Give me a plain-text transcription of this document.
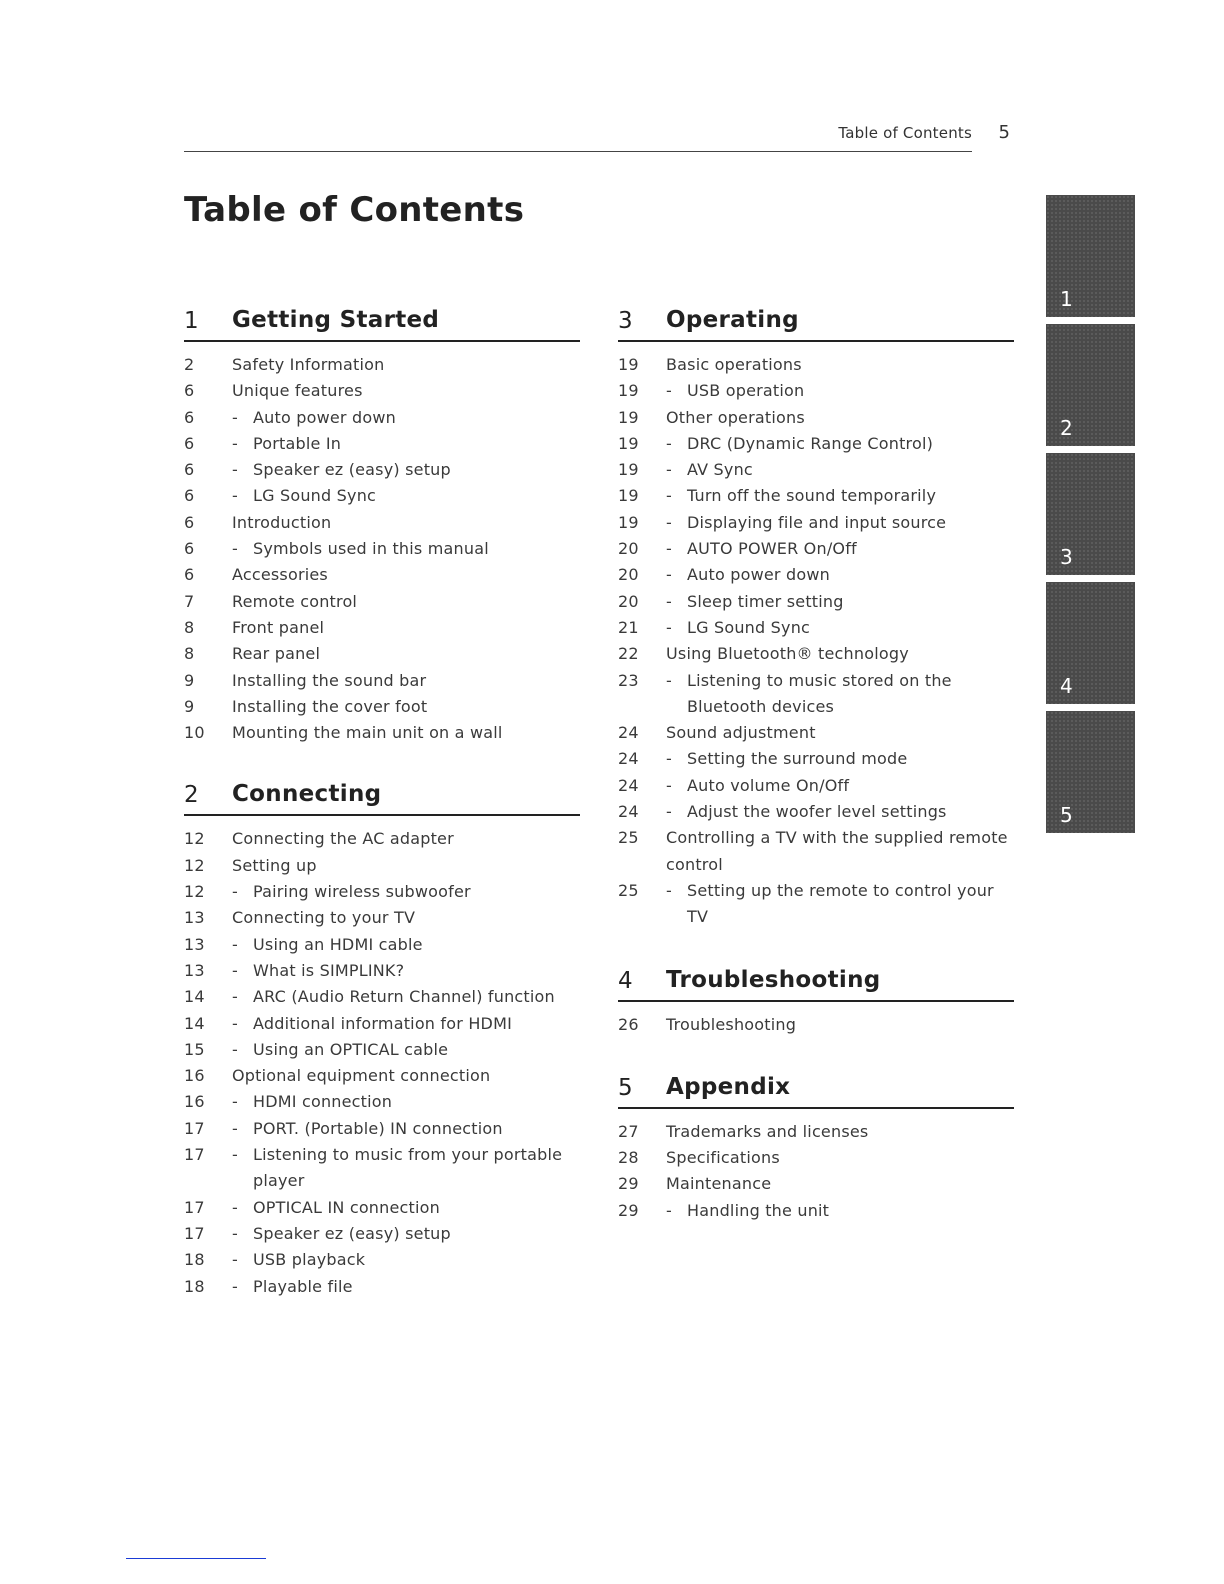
Table of Contents 5
Table of Contents
1 Getting Started
2	Safety Information
6	Unique features
6	- Auto power down
6	- Portable In
6	- Speaker ez (easy) setup
6	- LG Sound Sync
6	Introduction
6	- Symbols used in this manual
6	Accessories
7	Remote control
8	Front panel
8	Rear panel
9	Installing the sound bar
9	Installing the cover foot
10	Mounting the main unit on a wall
2 Connecting
12	Connecting the AC adapter
12	Setting up
12	- Pairing wireless subwoofer
13	Connecting to your TV
13	- Using an HDMI cable
13	- What is SIMPLINK?
14	- ARC (Audio Return Channel) function
14	- Additional information for HDMI
15	- Using an OPTICAL cable
16	Optional equipment connection
16	- HDMI connection
17	- PORT. (Portable) IN connection
17	- Listening to music from your portable player
17	- OPTICAL IN connection
17	- Speaker ez (easy) setup
18	- USB playback
18	- Playable file
3 Operating
19	Basic operations
19	- USB operation
19	Other operations
19	- DRC (Dynamic Range Control)
19	- AV Sync
19	- Turn off the sound temporarily
19	- Displaying file and input source
20	- AUTO POWER On/Off
20	- Auto power down
20	- Sleep timer setting
21	- LG Sound Sync
22	Using Bluetooth® technology
23	- Listening to music stored on the Bluetooth devices
24	Sound adjustment
24	- Setting the surround mode
24	- Auto volume On/Off
24	- Adjust the woofer level settings
25	Controlling a TV with the supplied remote control
25	- Setting up the remote to control your TV
4 Troubleshooting
26	Troubleshooting
5 Appendix
27	Trademarks and licenses
28	Specifications
29	Maintenance
29	- Handling the unit
1
2
3
4
5
